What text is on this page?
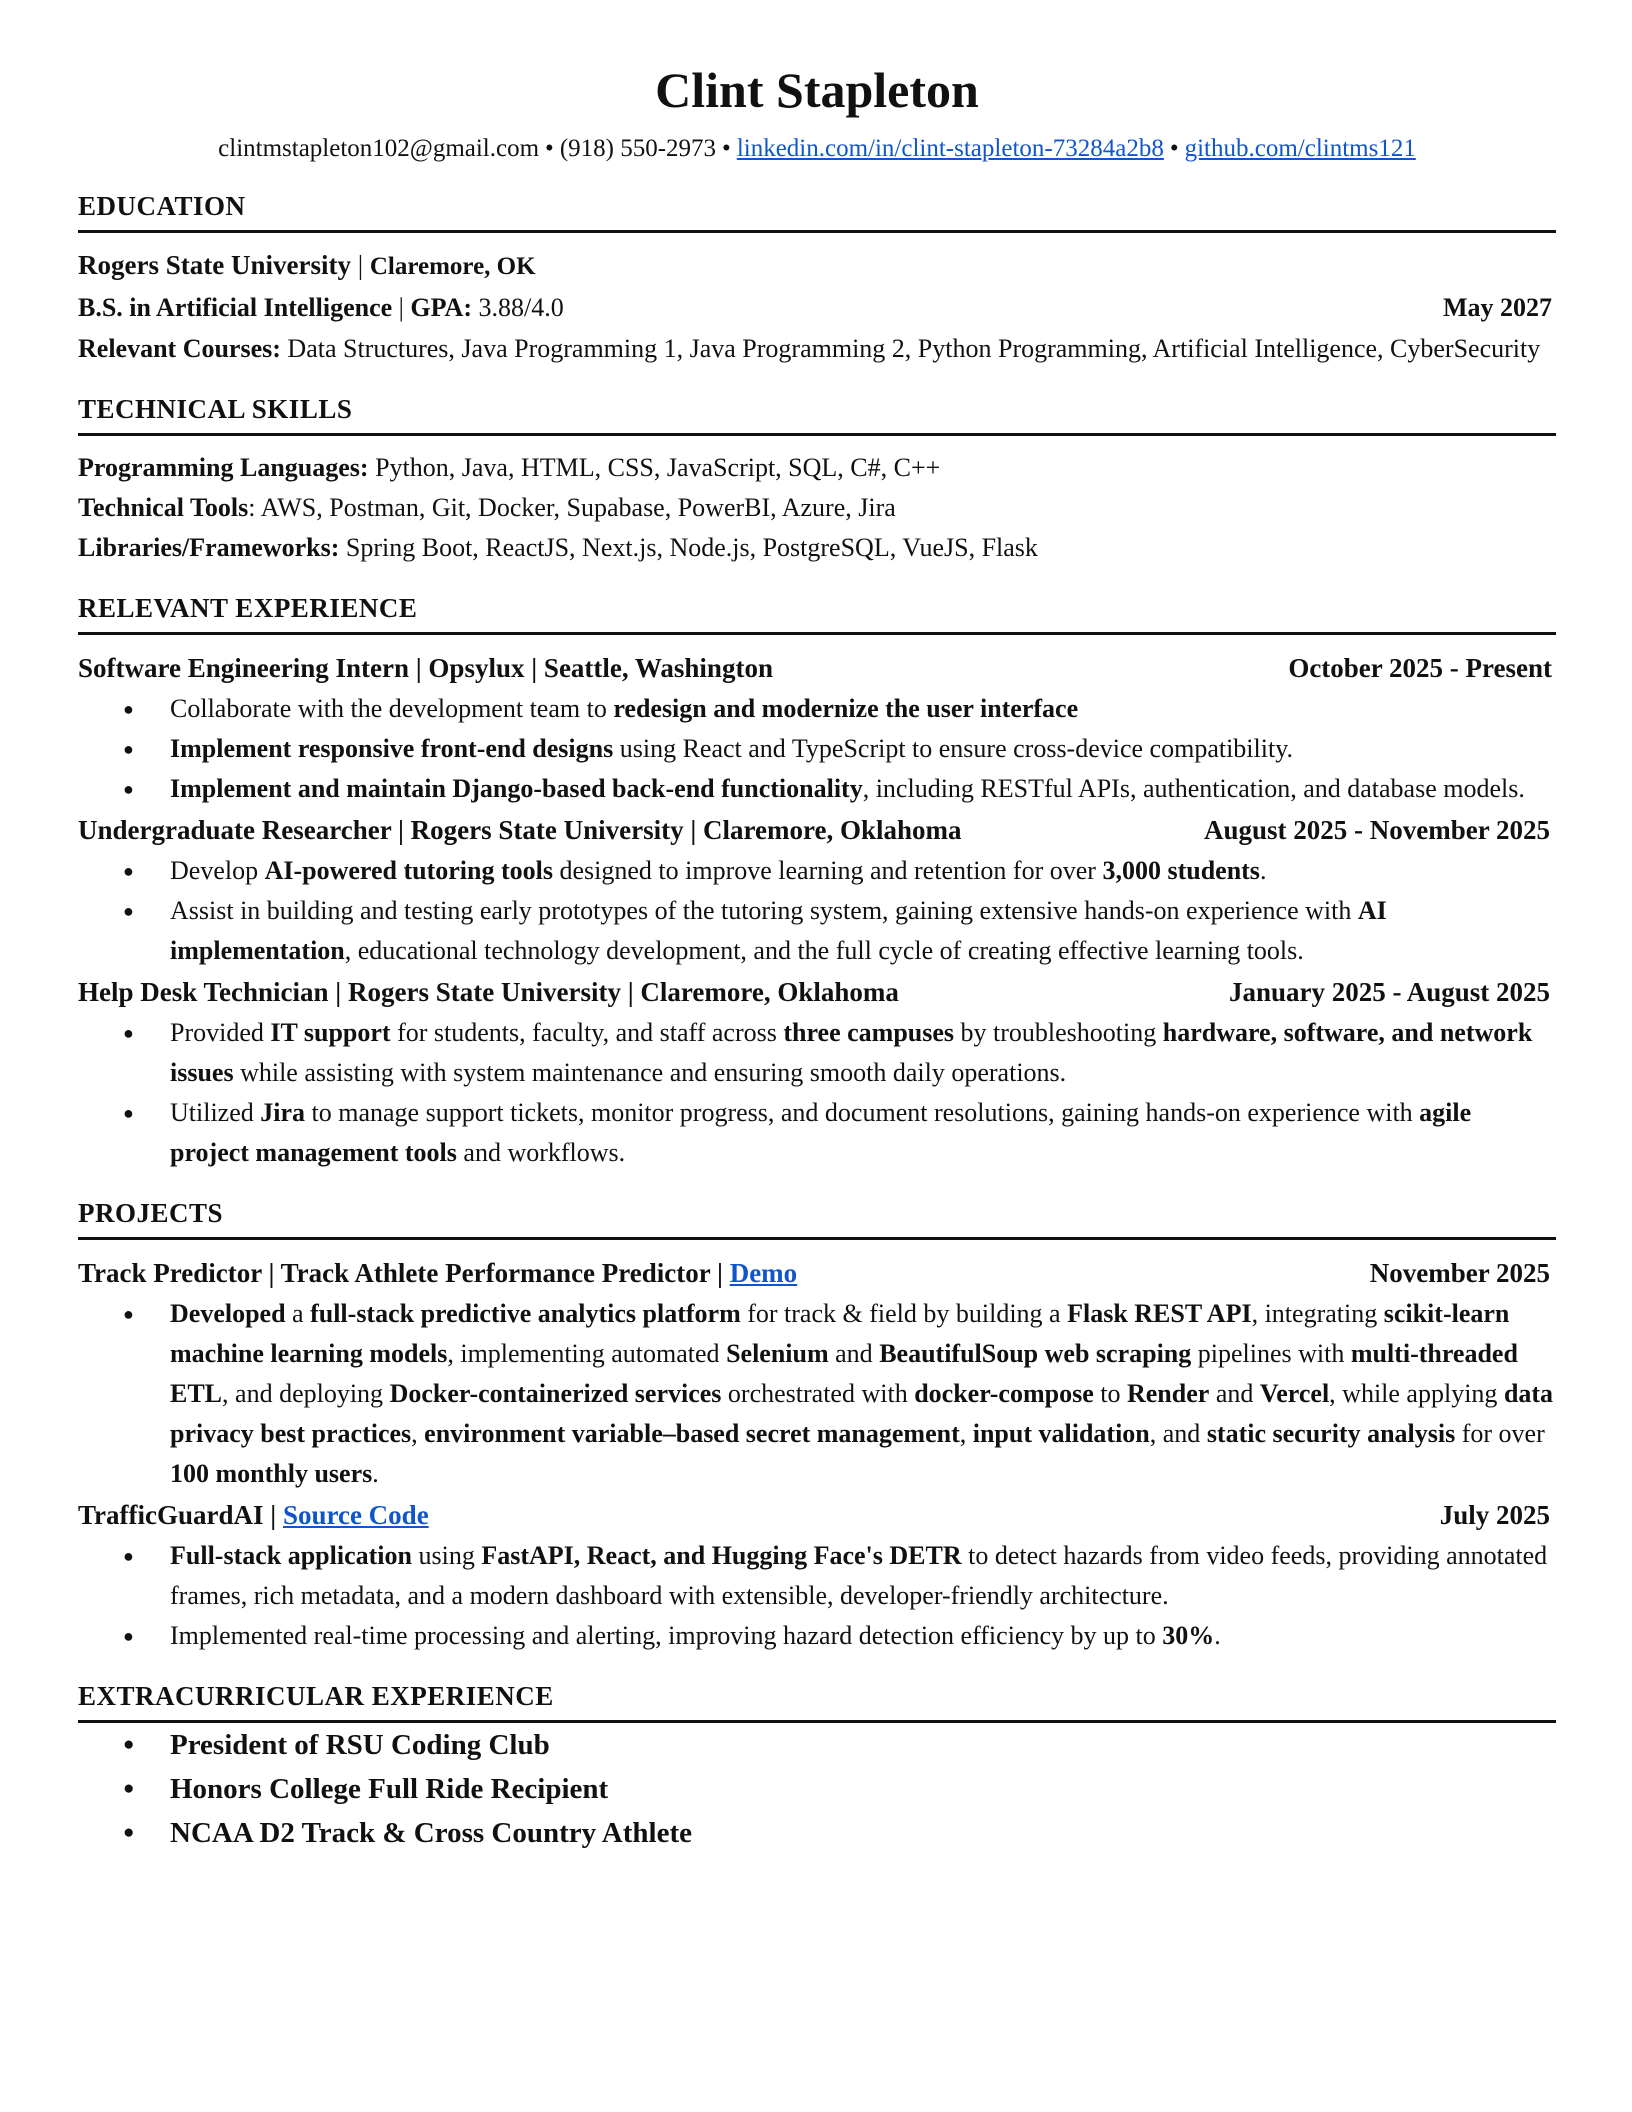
Clint Stapleton
clintmstapleton102@gmail.com • (918) 550-2973 • linkedin.com/in/clint-stapleton-73284a2b8 • github.com/clintms121
EDUCATION
Rogers State University | Claremore, OK
B.S. in Artificial Intelligence | GPA: 3.88/4.0	May 2027
Relevant Courses: Data Structures, Java Programming 1, Java Programming 2, Python Programming, Artificial Intelligence, CyberSecurity
TECHNICAL SKILLS
Programming Languages: Python, Java, HTML, CSS, JavaScript, SQL, C#, C++
Technical Tools: AWS, Postman, Git, Docker, Supabase, PowerBI, Azure, Jira
Libraries/Frameworks: Spring Boot, ReactJS, Next.js, Node.js, PostgreSQL, VueJS, Flask
RELEVANT EXPERIENCE
Software Engineering Intern | Opsylux | Seattle, Washington	October 2025 - Present
● Collaborate with the development team to redesign and modernize the user interface
● Implement responsive front-end designs using React and TypeScript to ensure cross-device compatibility.
● Implement and maintain Django-based back-end functionality, including RESTful APIs, authentication, and database models.
Undergraduate Researcher | Rogers State University | Claremore, Oklahoma	August 2025 - November 2025
● Develop AI-powered tutoring tools designed to improve learning and retention for over 3,000 students.
● Assist in building and testing early prototypes of the tutoring system, gaining extensive hands-on experience with AI implementation, educational technology development, and the full cycle of creating effective learning tools.
Help Desk Technician | Rogers State University | Claremore, Oklahoma	January 2025 - August 2025
● Provided IT support for students, faculty, and staff across three campuses by troubleshooting hardware, software, and network issues while assisting with system maintenance and ensuring smooth daily operations.
● Utilized Jira to manage support tickets, monitor progress, and document resolutions, gaining hands-on experience with agile project management tools and workflows.
PROJECTS
Track Predictor | Track Athlete Performance Predictor | Demo	November 2025
● Developed a full-stack predictive analytics platform for track & field by building a Flask REST API, integrating scikit-learn machine learning models, implementing automated Selenium and BeautifulSoup web scraping pipelines with multi-threaded ETL, and deploying Docker-containerized services orchestrated with docker-compose to Render and Vercel, while applying data privacy best practices, environment variable–based secret management, input validation, and static security analysis for over 100 monthly users.
TrafficGuardAI | Source Code	July 2025
● Full-stack application using FastAPI, React, and Hugging Face's DETR to detect hazards from video feeds, providing annotated frames, rich metadata, and a modern dashboard with extensible, developer-friendly architecture.
● Implemented real-time processing and alerting, improving hazard detection efficiency by up to 30%.
EXTRACURRICULAR EXPERIENCE
● President of RSU Coding Club
● Honors College Full Ride Recipient
● NCAA D2 Track & Cross Country Athlete
